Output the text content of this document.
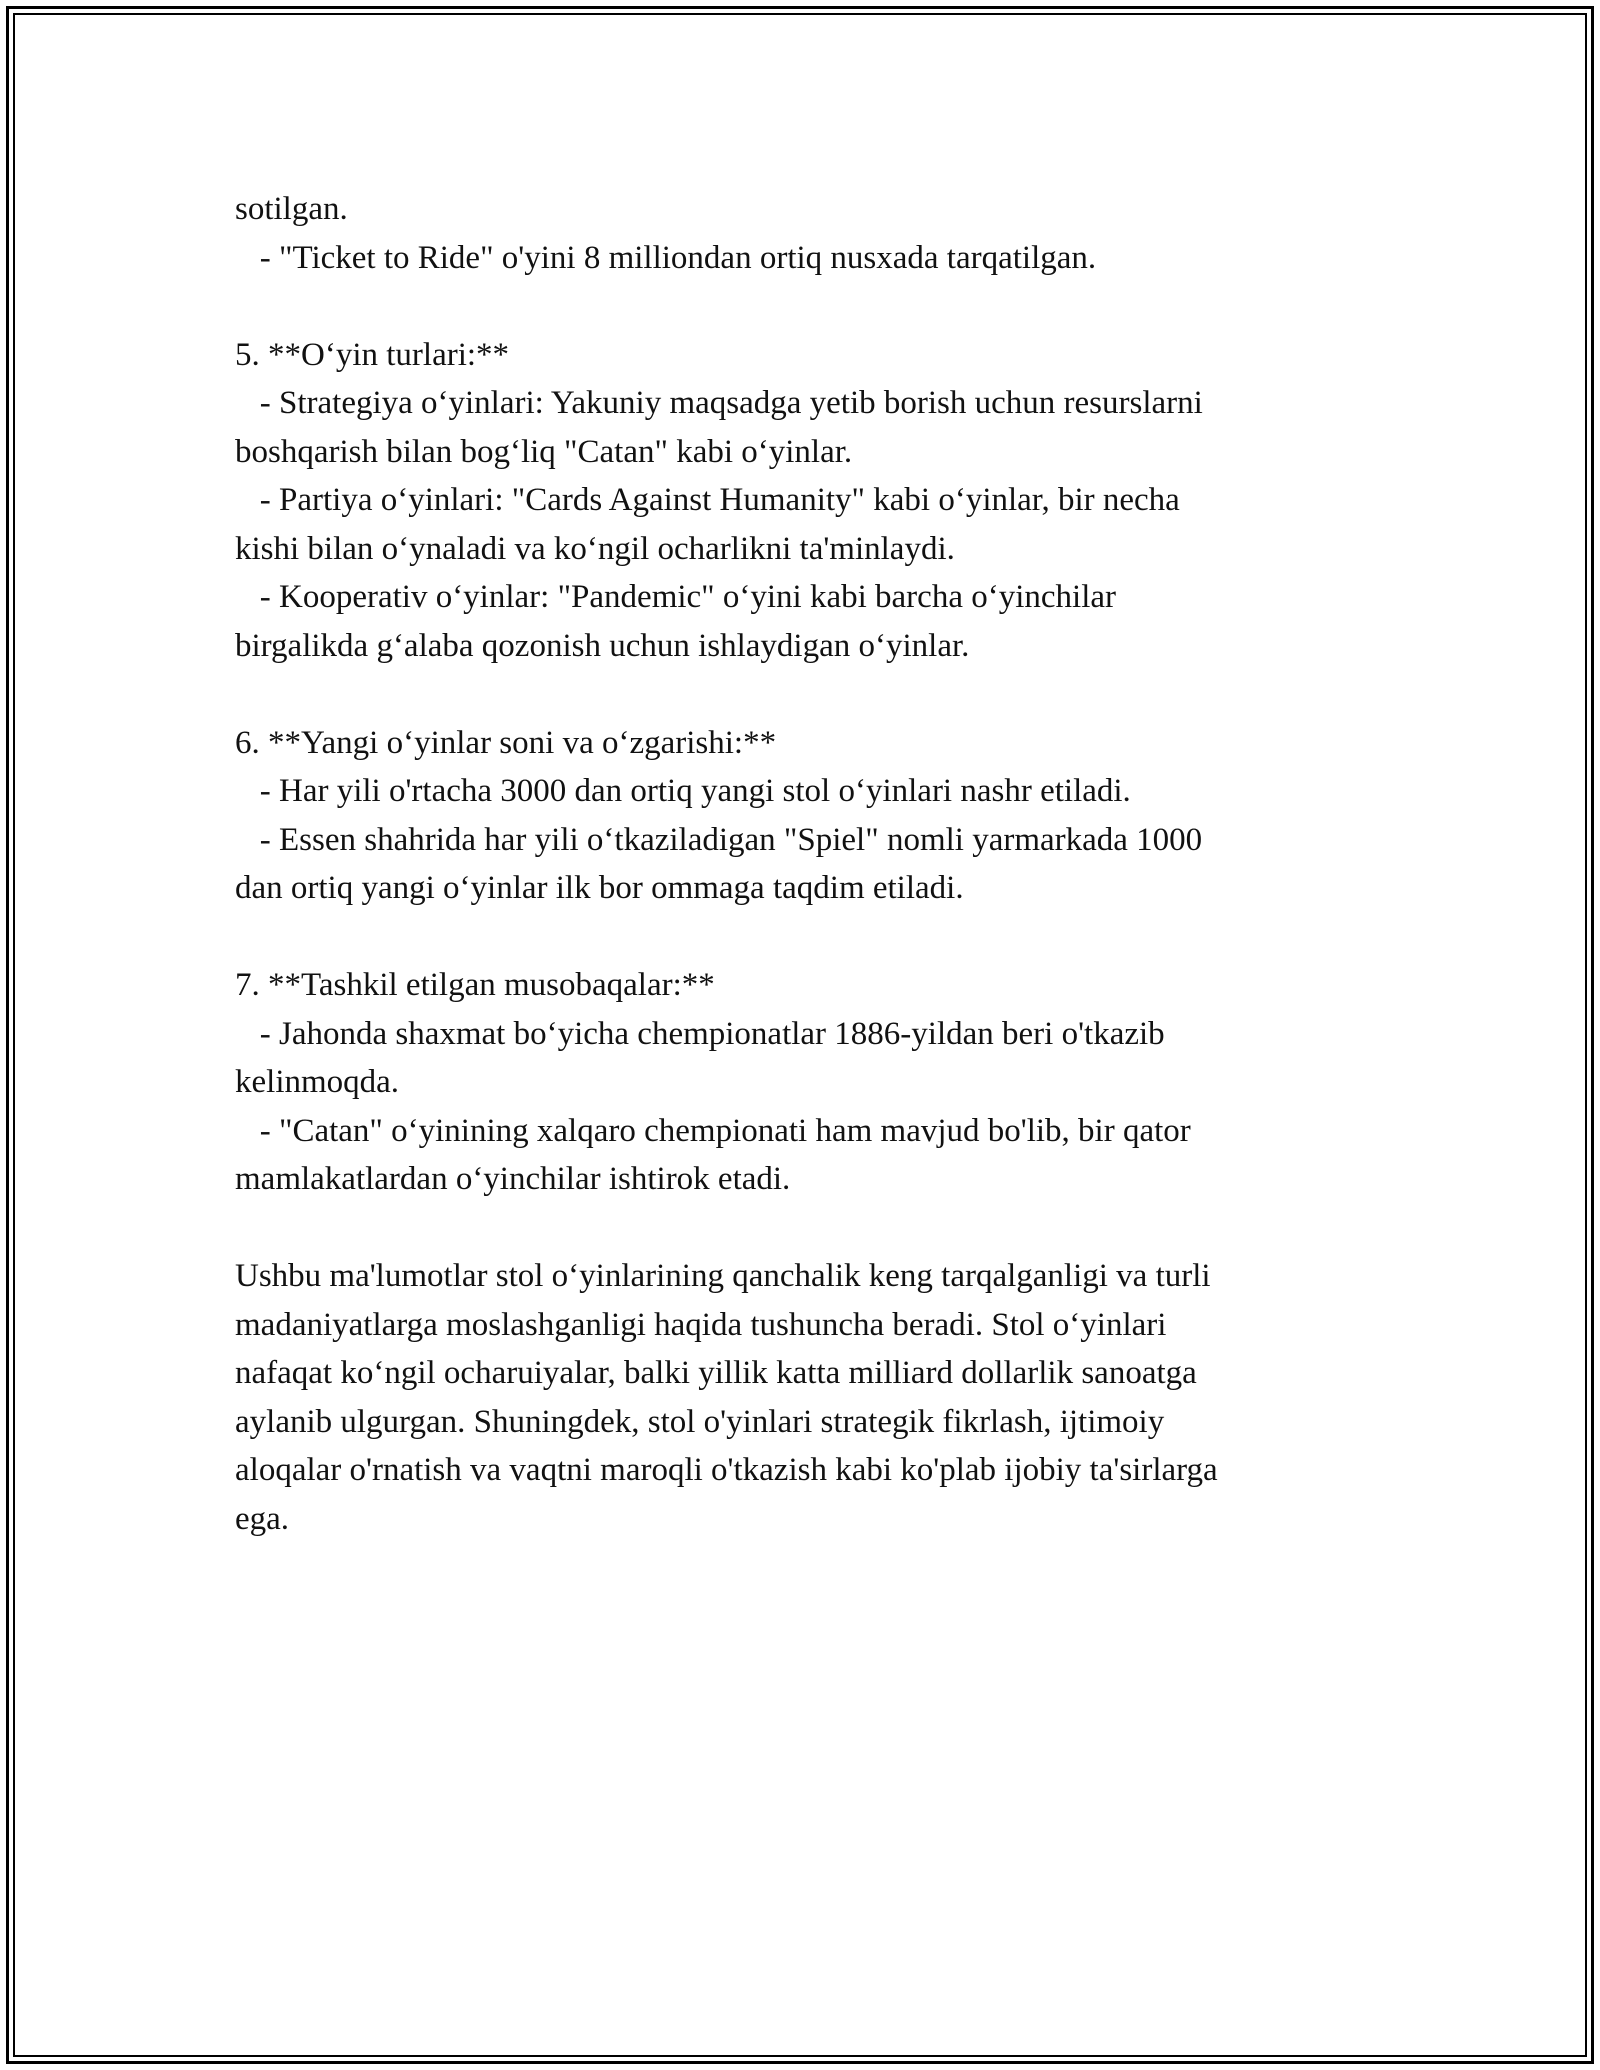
sotilgan.
- "Ticket to Ride" o'yini 8 milliondan ortiq nusxada tarqatilgan.
5. **O‘yin turlari:**
- Strategiya o‘yinlari: Yakuniy maqsadga yetib borish uchun resurslarni
boshqarish bilan bog‘liq "Catan" kabi o‘yinlar.
- Partiya o‘yinlari: "Cards Against Humanity" kabi o‘yinlar, bir necha
kishi bilan o‘ynaladi va ko‘ngil ocharlikni ta'minlaydi.
- Kooperativ o‘yinlar: "Pandemic" o‘yini kabi barcha o‘yinchilar
birgalikda g‘alaba qozonish uchun ishlaydigan o‘yinlar.
6. **Yangi o‘yinlar soni va o‘zgarishi:**
- Har yili o'rtacha 3000 dan ortiq yangi stol o‘yinlari nashr etiladi.
- Essen shahrida har yili o‘tkaziladigan "Spiel" nomli yarmarkada 1000
dan ortiq yangi o‘yinlar ilk bor ommaga taqdim etiladi.
7. **Tashkil etilgan musobaqalar:**
- Jahonda shaxmat bo‘yicha chempionatlar 1886-yildan beri o'tkazib
kelinmoqda.
- "Catan" o‘yinining xalqaro chempionati ham mavjud bo'lib, bir qator
mamlakatlardan o‘yinchilar ishtirok etadi.
Ushbu ma'lumotlar stol o‘yinlarining qanchalik keng tarqalganligi va turli
madaniyatlarga moslashganligi haqida tushuncha beradi. Stol o‘yinlari
nafaqat ko‘ngil ocharuiyalar, balki yillik katta milliard dollarlik sanoatga
aylanib ulgurgan. Shuningdek, stol o'yinlari strategik fikrlash, ijtimoiy
aloqalar o'rnatish va vaqtni maroqli o'tkazish kabi ko'plab ijobiy ta'sirlarga
ega.
